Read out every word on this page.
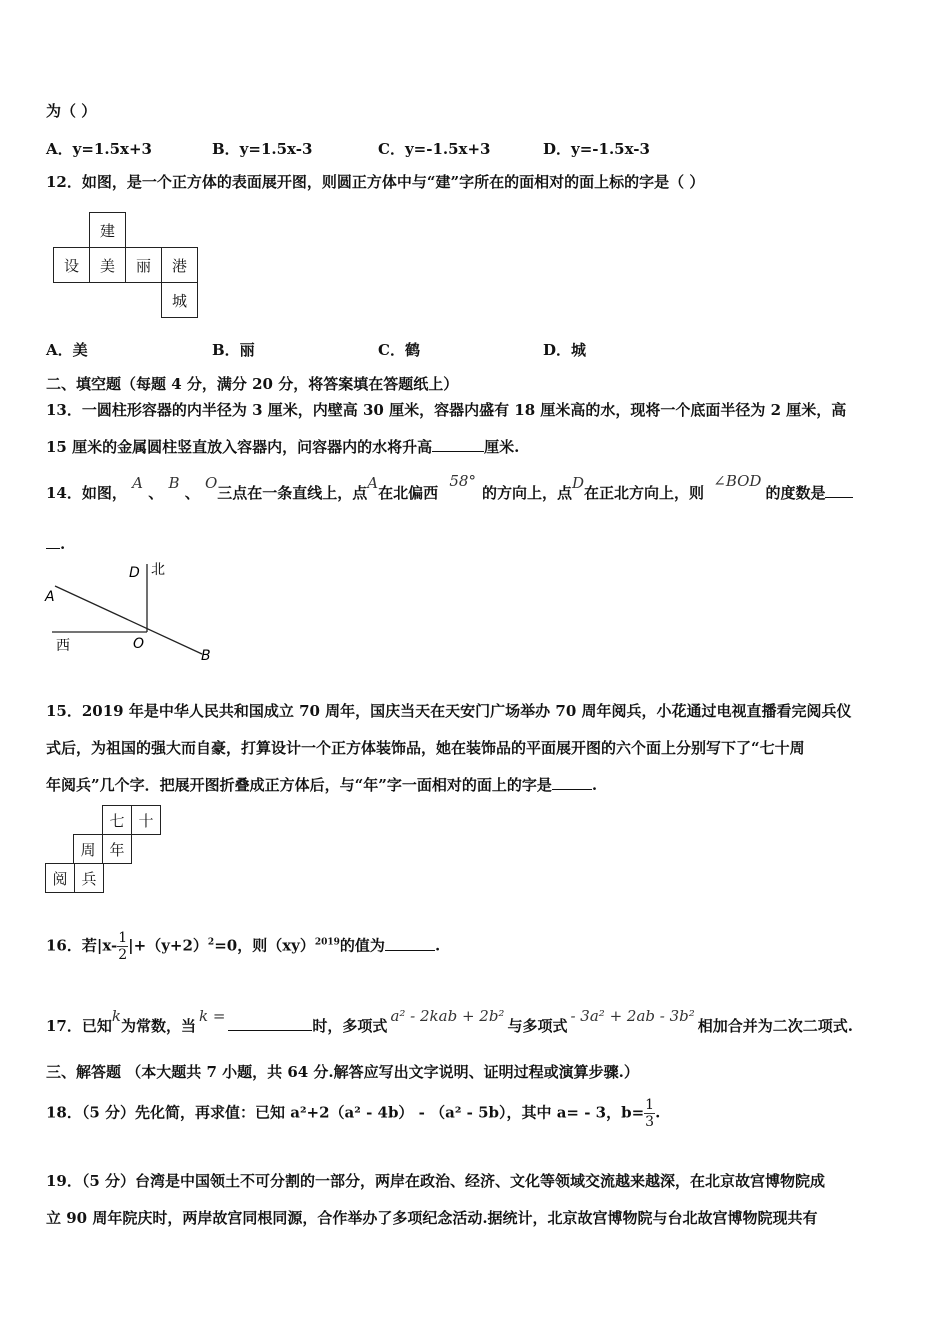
为（ ）
A．y=1.5x+3	B．y=1.5x-3	C．y=-1.5x+3	D．y=-1.5x-3
12．如图，是一个正方体的表面展开图，则圆正方体中与“建”字所在的面相对的面上标的字是（ ）
建
设	美	丽	港
城
A．美	B．丽	C．鹤	D．城
二、填空题（每题 4 分，满分 20 分，将答案填在答题纸上）
13．一圆柱形容器的内半径为 3 厘米，内壁高 30 厘米，容器内盛有 18 厘米高的水，现将一个底面半径为 2 厘米，高
15 厘米的金属圆柱竖直放入容器内，问容器内的水将升高	厘米.
14．如图， A 、 B 、 O三点在一条直线上，点A在北偏西 58°的方向上，点D在正北方向上，则 ∠BOD的度数是
.
D 北
A
西	O
B
15．2019 年是中华人民共和国成立 70 周年，国庆当天在天安门广场举办 70 周年阅兵，小花通过电视直播看完阅兵仪
式后，为祖国的强大而自豪，打算设计一个正方体装饰品，她在装饰品的平面展开图的六个面上分别写下了“七十周
年阅兵”几个字．把展开图折叠成正方体后，与“年”字一面相对的面上的字是	.
七 十
周 年
阅 兵
16．若$|x- \frac{1}{2} |+(y+2)^2=0$，则（xy）$^{2019}$的值为	.
17．已知k为常数，当k =时，多项式a² - 2kab + 2b²与多项式- 3a² + 2ab - 3b²相加合并为二次二项式.
三、解答题 （本大题共 7 小题，共 64 分.解答应写出文字说明、证明过程或演算步骤.）
18．（5 分）先化简，再求值：已知 a²+2（a² - 4b） - （a² - 5b），其中 a= - 3，$b= \frac{1}{3}$ .
19．（5 分）台湾是中国领土不可分割的一部分，两岸在政治、经济、文化等领域交流越来越深，在北京故宫博物院成
立 90 周年院庆时，两岸故宫同根同源，合作举办了多项纪念活动.据统计，北京故宫博物院与台北故宫博物院现共有
